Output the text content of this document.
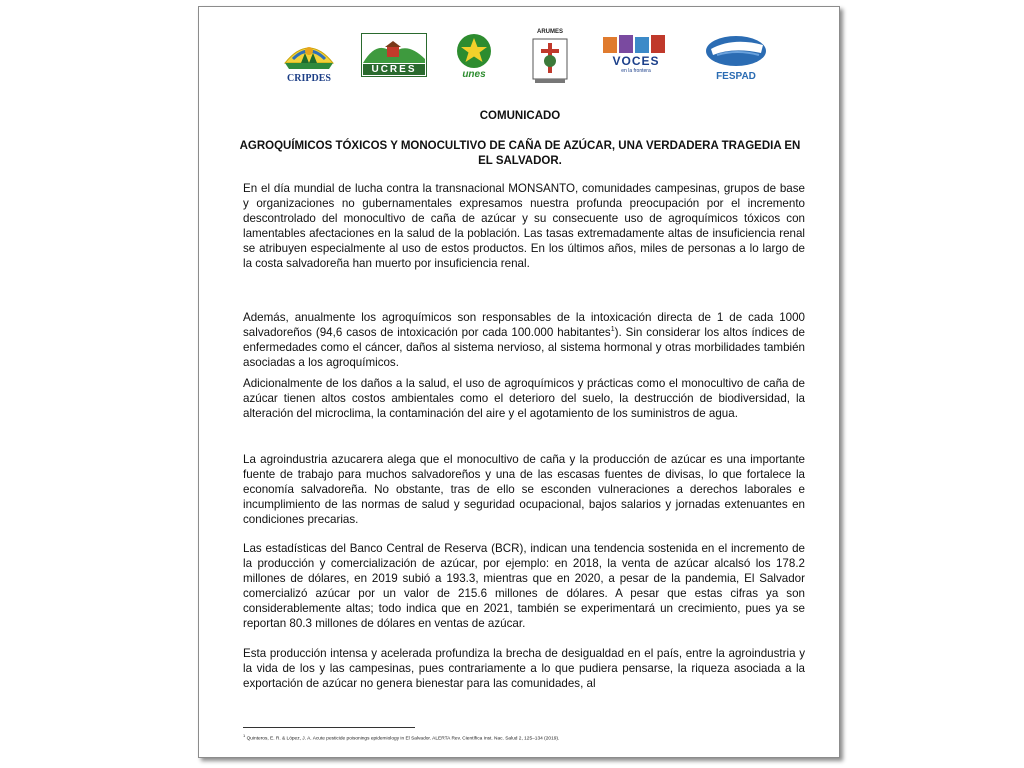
CRIPDES
UCRES	unes
ARUMES
VOCES
en la frontera	FESPAD
COMUNICADO
AGROQUÍMICOS TÓXICOS Y MONOCULTIVO DE CAÑA DE AZÚCAR, UNA VERDADERA TRAGEDIA EN EL SALVADOR.
En el día mundial de lucha contra la transnacional MONSANTO, comunidades campesinas, grupos de base y organizaciones no gubernamentales expresamos nuestra profunda preocupación por el incremento descontrolado del monocultivo de caña de azúcar y su consecuente uso de agroquímicos tóxicos con lamentables afectaciones en la salud de la población. Las tasas extremadamente altas de insuficiencia renal se atribuyen especialmente al uso de estos productos. En los últimos años, miles de personas a lo largo de la costa salvadoreña han muerto por insuficiencia renal.
Además, anualmente los agroquímicos son responsables de la intoxicación directa de 1 de cada 1000 salvadoreños (94,6 casos de intoxicación por cada 100.000 habitantes$^1$). Sin considerar los altos índices de enfermedades como el cáncer, daños al sistema nervioso, al sistema hormonal y otras morbilidades también asociadas a los agroquímicos.
Adicionalmente de los daños a la salud, el uso de agroquímicos y prácticas como el monocultivo de caña de azúcar tienen altos costos ambientales como el deterioro del suelo, la destrucción de biodiversidad, la alteración del microclima, la contaminación del aire y el agotamiento de los suministros de agua.
La agroindustria azucarera alega que el monocultivo de caña y la producción de azúcar es una importante fuente de trabajo para muchos salvadoreños y una de las escasas fuentes de divisas, lo que fortalece la economía salvadoreña. No obstante, tras de ello se esconden vulneraciones a derechos laborales e incumplimiento de las normas de salud y seguridad ocupacional, bajos salarios y jornadas extenuantes en condiciones precarias.
Las estadísticas del Banco Central de Reserva (BCR), indican una tendencia sostenida en el incremento de la producción y comercialización de azúcar, por ejemplo: en 2018, la venta de azúcar alcalsó los 178.2 millones de dólares, en 2019 subió a 193.3, mientras que en 2020, a pesar de la pandemia, El Salvador comercializó azúcar por un valor de 215.6 millones de dólares. A pesar que estas cifras ya son considerablemente altas; todo indica que en 2021, también se experimentará un crecimiento, pues ya se reportan 80.3 millones de dólares en ventas de azúcar.
Esta producción intensa y acelerada profundiza la brecha de desigualdad en el país, entre la agroindustria y la vida de los y las campesinas, pues contrariamente a lo que pudiera pensarse, la riqueza asociada a la exportación de azúcar no genera bienestar para las comunidades, al
$^1$ Quinteros, E. R. & López, J. A. Acute pesticide poisonings epidemiology in El Salvador. ALERTA Rev. Científica Inst. Nac. Salud 2, 125–134 (2019).
